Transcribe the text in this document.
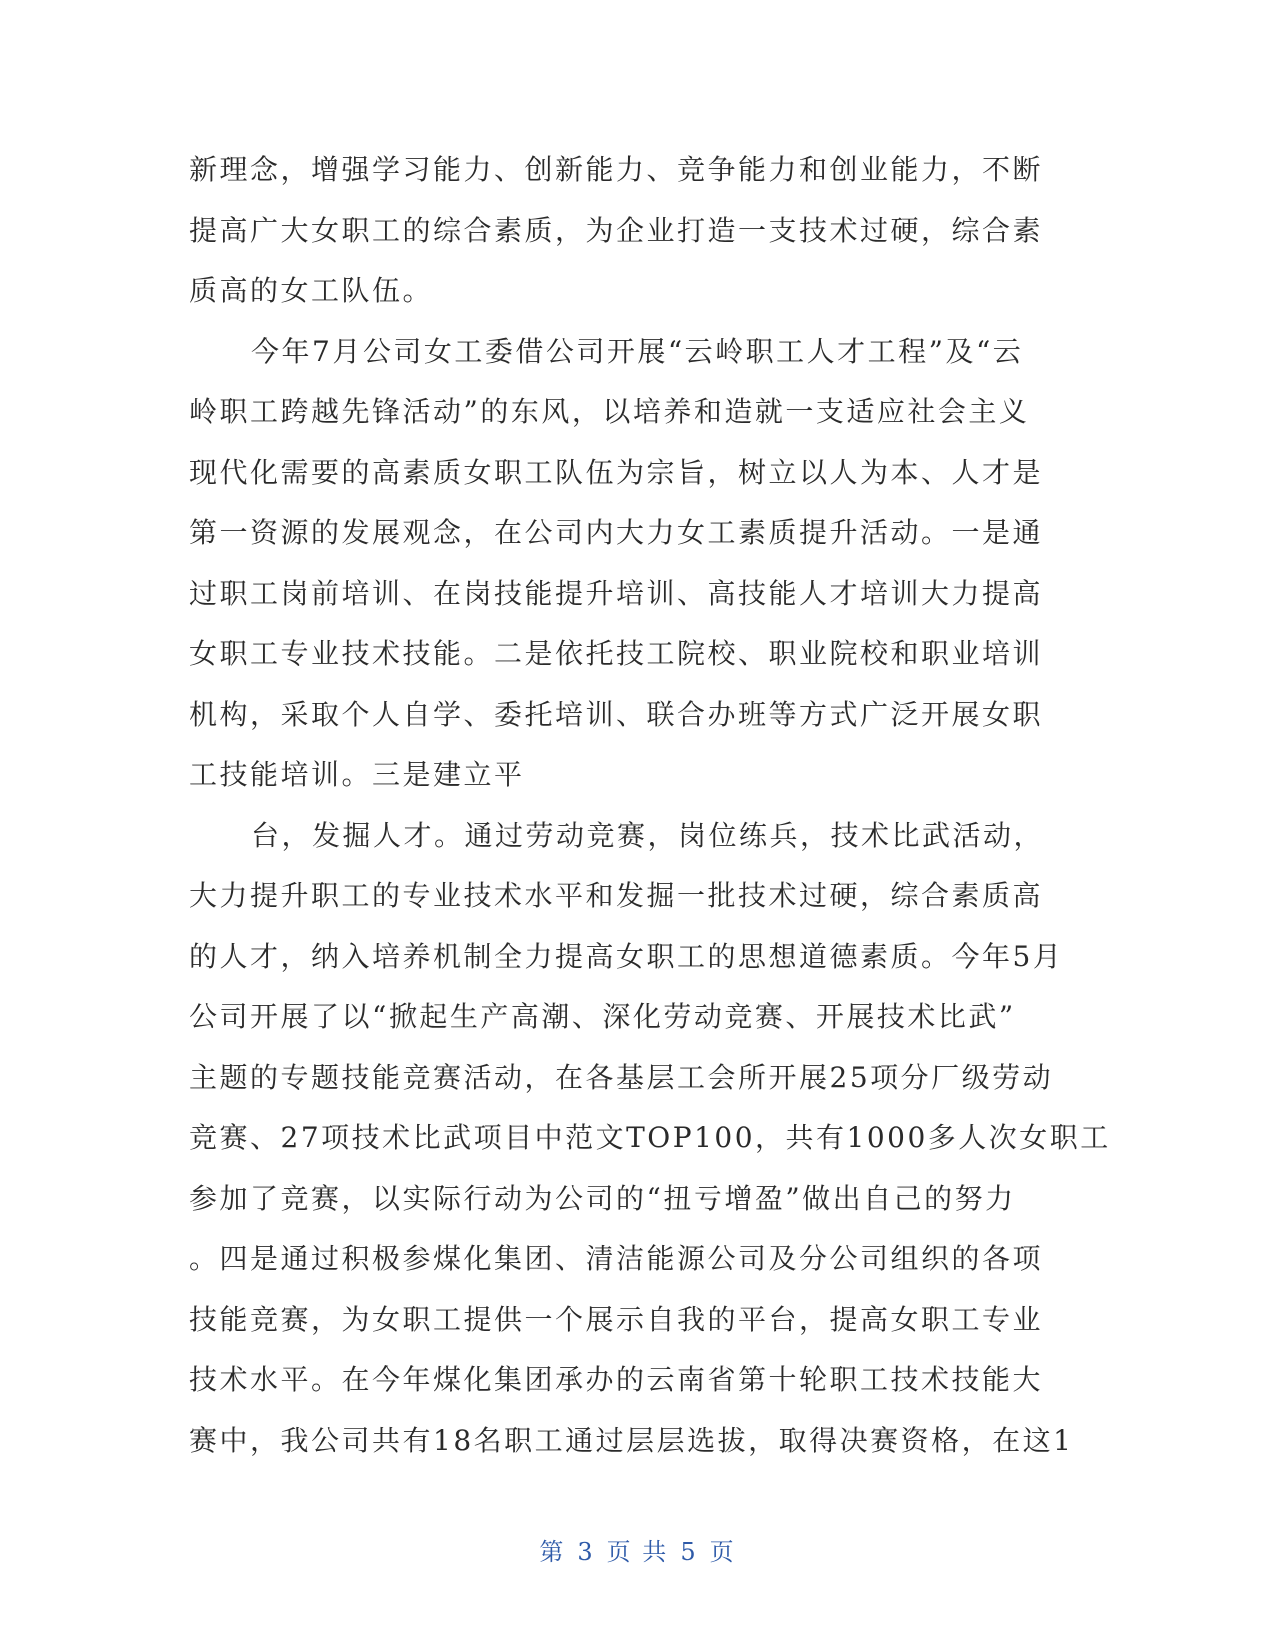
新理念，增强学习能力、创新能力、竞争能力和创业能力，不断
提高广大女职工的综合素质，为企业打造一支技术过硬，综合素
质高的女工队伍。
今年7月公司女工委借公司开展“云岭职工人才工程”及“云
岭职工跨越先锋活动”的东风，以培养和造就一支适应社会主义
现代化需要的高素质女职工队伍为宗旨，树立以人为本、人才是
第一资源的发展观念，在公司内大力女工素质提升活动。一是通
过职工岗前培训、在岗技能提升培训、高技能人才培训大力提高
女职工专业技术技能。二是依托技工院校、职业院校和职业培训
机构，采取个人自学、委托培训、联合办班等方式广泛开展女职
工技能培训。三是建立平
台，发掘人才。通过劳动竞赛，岗位练兵，技术比武活动，
大力提升职工的专业技术水平和发掘一批技术过硬，综合素质高
的人才，纳入培养机制全力提高女职工的思想道德素质。今年5月
公司开展了以“掀起生产高潮、深化劳动竞赛、开展技术比武”
主题的专题技能竞赛活动，在各基层工会所开展25项分厂级劳动
竞赛、27项技术比武项目中范文TOP100，共有1000多人次女职工
参加了竞赛，以实际行动为公司的“扭亏增盈”做出自己的努力
。四是通过积极参煤化集团、清洁能源公司及分公司组织的各项
技能竞赛，为女职工提供一个展示自我的平台，提高女职工专业
技术水平。在今年煤化集团承办的云南省第十轮职工技术技能大
赛中，我公司共有18名职工通过层层选拔，取得决赛资格，在这1
第 3 页 共 5 页
